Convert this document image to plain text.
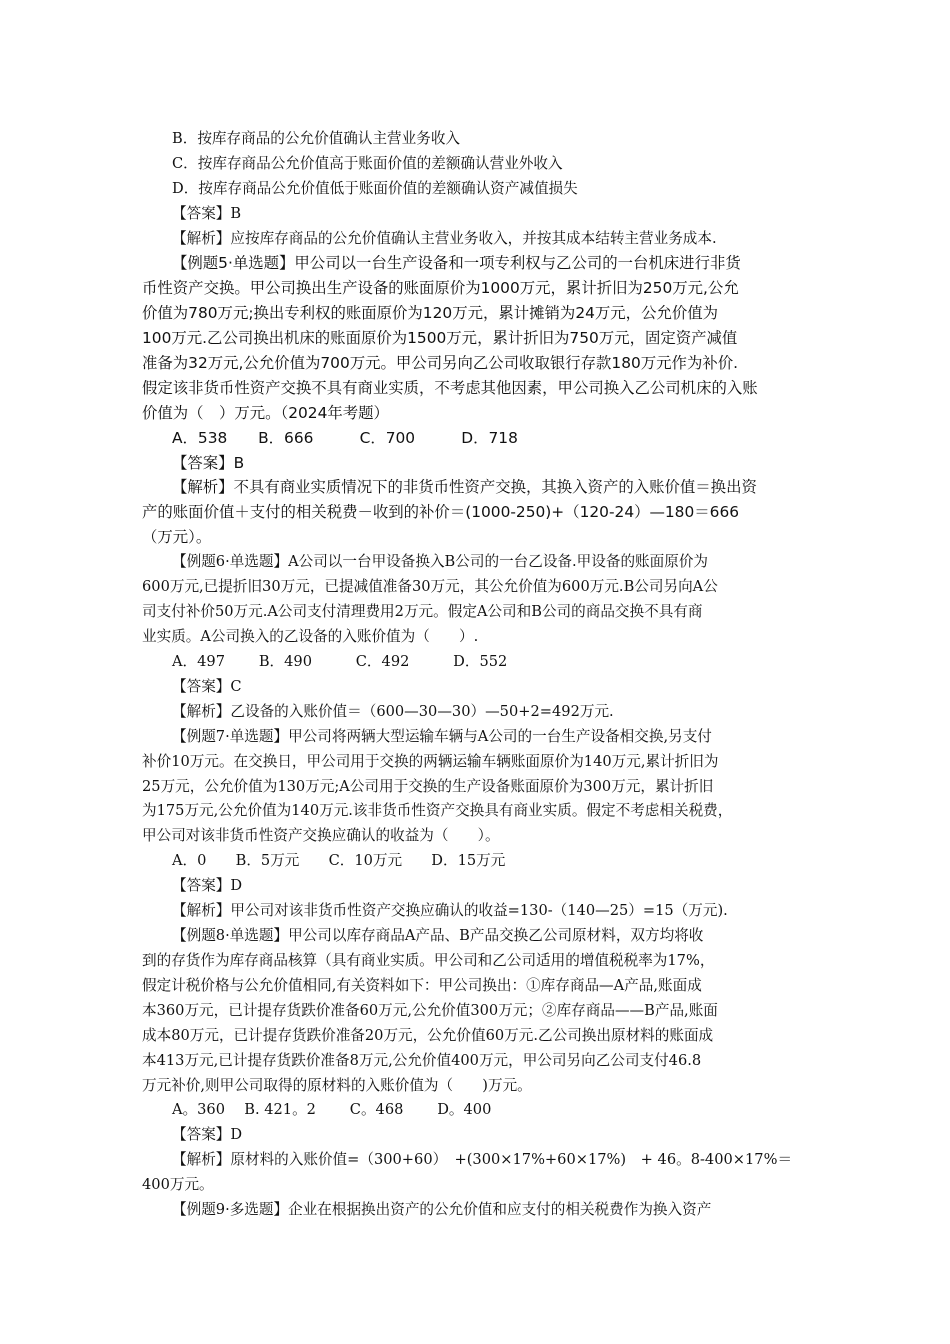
B．按库存商品的公允价值确认主营业务收入
C．按库存商品公允价值高于账面价值的差额确认营业外收入
D．按库存商品公允价值低于账面价值的差额确认资产减值损失
【答案】B
【解析】应按库存商品的公允价值确认主营业务收入，并按其成本结转主营业务成本.
【例题5·单选题】甲公司以一台生产设备和一项专利权与乙公司的一台机床进行非货
币性资产交换。甲公司换出生产设备的账面原价为1000万元，累计折旧为250万元,公允
价值为780万元;换出专利权的账面原价为120万元，累计摊销为24万元，公允价值为
100万元.乙公司换出机床的账面原价为1500万元，累计折旧为750万元，固定资产减值
准备为32万元,公允价值为700万元。甲公司另向乙公司收取银行存款180万元作为补价.
假定该非货币性资产交换不具有商业实质，不考虑其他因素，甲公司换入乙公司机床的入账
价值为（　）万元。（2024年考题）
A．538　　B．666　　　C．700　　　D．718
【答案】B
【解析】不具有商业实质情况下的非货币性资产交换，其换入资产的入账价值＝换出资
产的账面价值＋支付的相关税费－收到的补价＝(1000-250)+（120-24）—180＝666
（万元）。
【例题6·单选题】A公司以一台甲设备换入B公司的一台乙设备.甲设备的账面原价为
600万元,已提折旧30万元，已提减值准备30万元，其公允价值为600万元.B公司另向A公
司支付补价50万元.A公司支付清理费用2万元。假定A公司和B公司的商品交换不具有商
业实质。A公司换入的乙设备的入账价值为（　　）.
A．497　　 B．490　　　C．492　　　D．552
【答案】C
【解析】乙设备的入账价值＝（600—30—30）—50+2=492万元.
【例题7·单选题】甲公司将两辆大型运输车辆与A公司的一台生产设备相交换,另支付
补价10万元。在交换日，甲公司用于交换的两辆运输车辆账面原价为140万元,累计折旧为
25万元，公允价值为130万元;A公司用于交换的生产设备账面原价为300万元，累计折旧
为175万元,公允价值为140万元.该非货币性资产交换具有商业实质。假定不考虑相关税费，
甲公司对该非货币性资产交换应确认的收益为（　　）。
A．0　　B．5万元　　C．10万元　　D．15万元
【答案】D
【解析】甲公司对该非货币性资产交换应确认的收益=130-（140—25）=15（万元).
【例题8·单选题】甲公司以库存商品A产品、B产品交换乙公司原材料，双方均将收
到的存货作为库存商品核算（具有商业实质。甲公司和乙公司适用的增值税税率为17%，
假定计税价格与公允价值相同,有关资料如下：甲公司换出：①库存商品—A产品,账面成
本360万元，已计提存货跌价准备60万元,公允价值300万元；②库存商品——B产品,账面
成本80万元，已计提存货跌价准备20万元，公允价值60万元.乙公司换出原材料的账面成
本413万元,已计提存货跌价准备8万元,公允价值400万元，甲公司另向乙公司支付46.8
万元补价,则甲公司取得的原材料的入账价值为（　　)万元。
A。360　 B. 421。2　　 C。468　　 D。400
【答案】D
【解析】原材料的入账价值=（300+60）　+(300×17%+60×17%)　+ 46。8-400×17%＝
400万元。
【例题9·多选题】企业在根据换出资产的公允价值和应支付的相关税费作为换入资产
